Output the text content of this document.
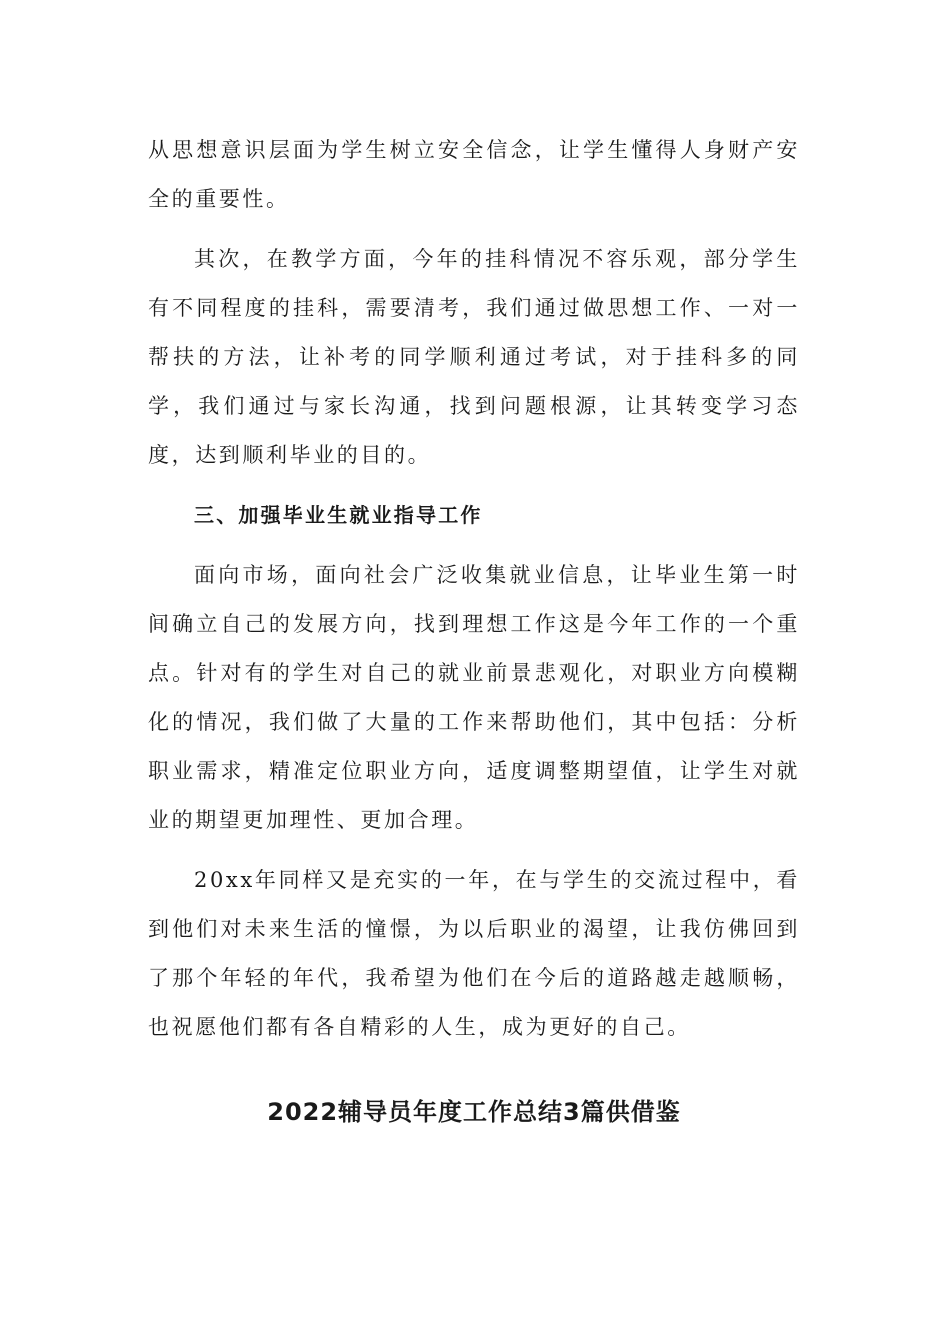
从思想意识层面为学生树立安全信念，让学生懂得人身财产安全的重要性。

其次，在教学方面，今年的挂科情况不容乐观，部分学生有不同程度的挂科，需要清考，我们通过做思想工作、一对一帮扶的方法，让补考的同学顺利通过考试，对于挂科多的同学，我们通过与家长沟通，找到问题根源，让其转变学习态度，达到顺利毕业的目的。

三、加强毕业生就业指导工作

面向市场，面向社会广泛收集就业信息，让毕业生第一时间确立自己的发展方向，找到理想工作这是今年工作的一个重点。针对有的学生对自己的就业前景悲观化，对职业方向模糊化的情况，我们做了大量的工作来帮助他们，其中包括：分析职业需求，精准定位职业方向，适度调整期望值，让学生对就业的期望更加理性、更加合理。

20xx年同样又是充实的一年，在与学生的交流过程中，看到他们对未来生活的憧憬，为以后职业的渴望，让我仿佛回到了那个年轻的年代，我希望为他们在今后的道路越走越顺畅，也祝愿他们都有各自精彩的人生，成为更好的自己。

2022辅导员年度工作总结3篇供借鉴
